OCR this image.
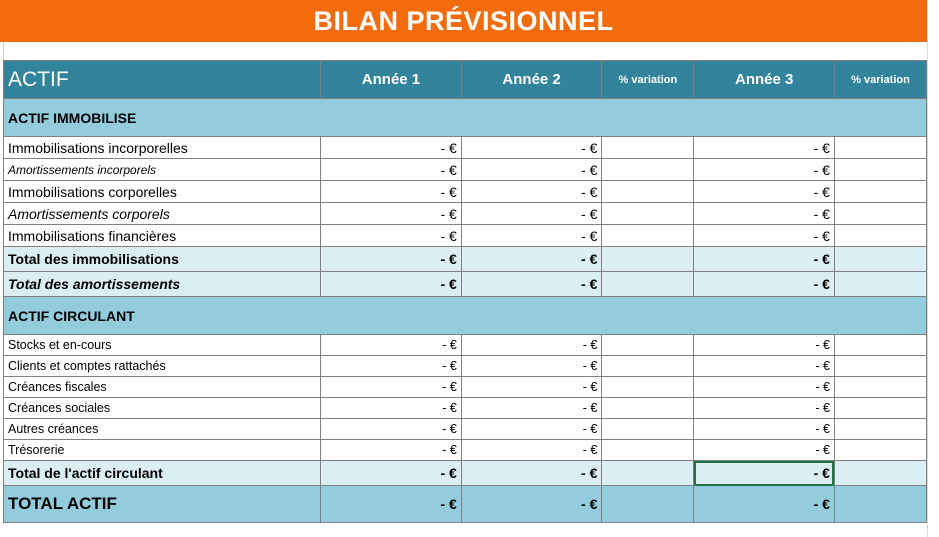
BILAN PRÉVISIONNEL
ACTIF	Année 1	Année 2	% variation	Année 3	% variation
ACTIF IMMOBILISE					
Immobilisations incorporelles	- €	- €		- €	
Amortissements incorporels	- €	- €		- €	
Immobilisations corporelles	- €	- €		- €	
Amortissements corporels	- €	- €		- €	
Immobilisations financières	- €	- €		- €	
Total des immobilisations	- €	- €		- €	
Total des amortissements	- €	- €		- €	
ACTIF CIRCULANT					
Stocks et en-cours	- €	- €		- €	
Clients et comptes rattachés	- €	- €		- €	
Créances fiscales	- €	- €		- €	
Créances sociales	- €	- €		- €	
Autres créances	- €	- €		- €	
Trésorerie	- €	- €		- €	
Total de l'actif circulant	- €	- €		- €	
TOTAL ACTIF	- €	- €		- €	
